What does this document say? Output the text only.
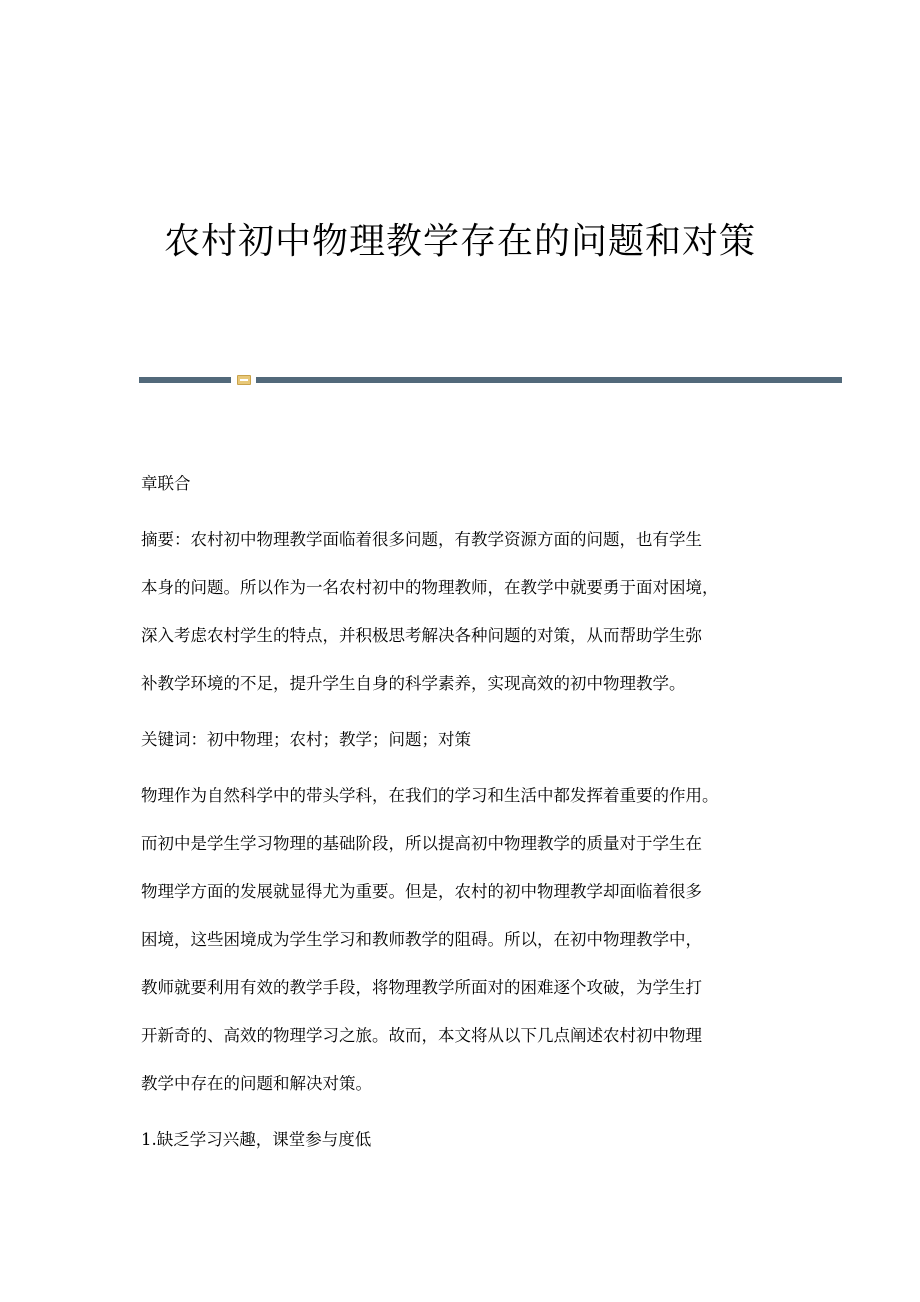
农村初中物理教学存在的问题和对策

章联合

摘要：农村初中物理教学面临着很多问题，有教学资源方面的问题，也有学生

本身的问题。所以作为一名农村初中的物理教师，在教学中就要勇于面对困境，

深入考虑农村学生的特点，并积极思考解决各种问题的对策，从而帮助学生弥

补教学环境的不足，提升学生自身的科学素养，实现高效的初中物理教学。

关键词：初中物理；农村；教学；问题；对策

物理作为自然科学中的带头学科，在我们的学习和生活中都发挥着重要的作用。

而初中是学生学习物理的基础阶段，所以提高初中物理教学的质量对于学生在

物理学方面的发展就显得尤为重要。但是，农村的初中物理教学却面临着很多

困境，这些困境成为学生学习和教师教学的阻碍。所以，在初中物理教学中，

教师就要利用有效的教学手段，将物理教学所面对的困难逐个攻破，为学生打

开新奇的、高效的物理学习之旅。故而，本文将从以下几点阐述农村初中物理

教学中存在的问题和解决对策。

1.缺乏学习兴趣，课堂参与度低
